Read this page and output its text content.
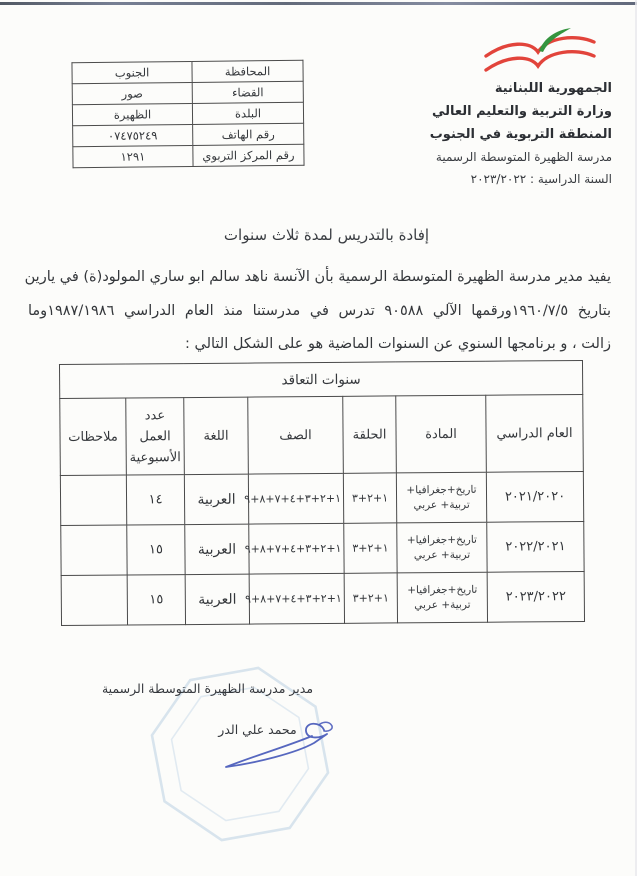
الجمهورية اللبنانية
وزارة التربية والتعليم العالي
المنطقة التربوية في الجنوب
مدرسة الظهيرة المتوسطة الرسمية
السنة الدراسية : ٢٠٢٣/٢٠٢٢
المحافظة	الجنوب
القضاء	صور
البلدة	الظهيرة
رقم الهاتف	٠٧٤٧٥٢٤٩
رقم المركز التربوي	١٢٩١
إفادة بالتدريس لمدة ثلاث سنوات
يفيد مدير مدرسة الظهيرة المتوسطة الرسمية بأن الآنسة ناهد سالم ابو ساري المولود(ة) في يارين
بتاريخ ١٩٦٠/٧/٥ورقمها الآلي ٩٠٥٨٨ تدرس في مدرستنا منذ العام الدراسي ١٩٨٧/١٩٨٦وما
زالت ، و برنامجها السنوي عن السنوات الماضية هو على الشكل التالي :
سنوات التعاقد						
العام الدراسي	المادة	الحلقة	الصف	اللغة	عدد العمل الأسبوعية	ملاحظات
٢٠٢١/٢٠٢٠	تاريخ+جغرافيا+
تربية+ عربي	١+٢+٣	١+٢+٣+٤+٧+٨+٩	العربية	١٤	
٢٠٢٢/٢٠٢١	تاريخ+جغرافيا+
تربية+ عربي	١+٢+٣	١+٢+٣+٤+٧+٨+٩	العربية	١٥	
٢٠٢٣/٢٠٢٢	تاريخ+جغرافيا+
تربية+ عربي	١+٢+٣	١+٢+٣+٤+٧+٨+٩	العربية	١٥	
مدير مدرسة الظهيرة المتوسطة الرسمية
محمد علي الدر
